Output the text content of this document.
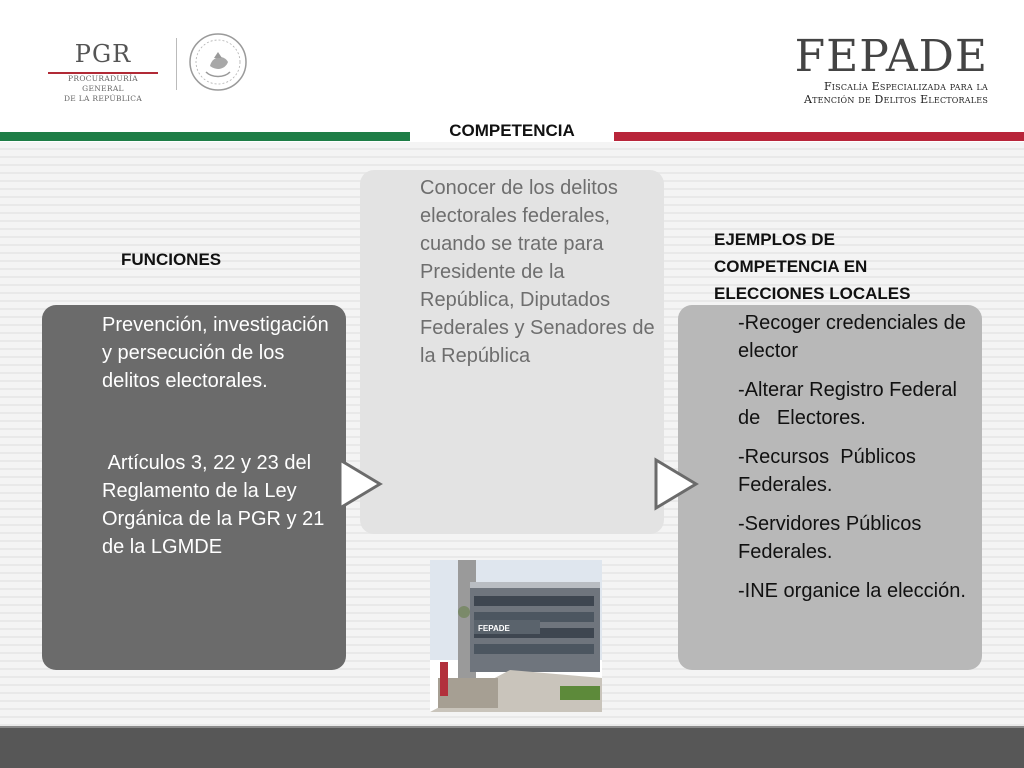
PGR
PROCURADURÍA GENERAL
DE LA REPÚBLICA
FEPADE
Fiscalía Especializada para la
Atención de Delitos Electorales
COMPETENCIA
FUNCIONES
EJEMPLOS DE
COMPETENCIA EN
ELECCIONES LOCALES
Conocer de los delitos electorales federales, cuando se trate para Presidente de la República, Diputados Federales y Senadores de la República
Prevención, investigación y persecución de los delitos electorales.
Artículos 3, 22 y 23 del Reglamento de la Ley Orgánica de la PGR y 21 de la LGMDE
-Recoger credenciales de elector
-Alterar Registro Federal de   Electores.
-Recursos  Públicos Federales.
-Servidores Públicos Federales.
-INE organice la elección.
FEPADE
